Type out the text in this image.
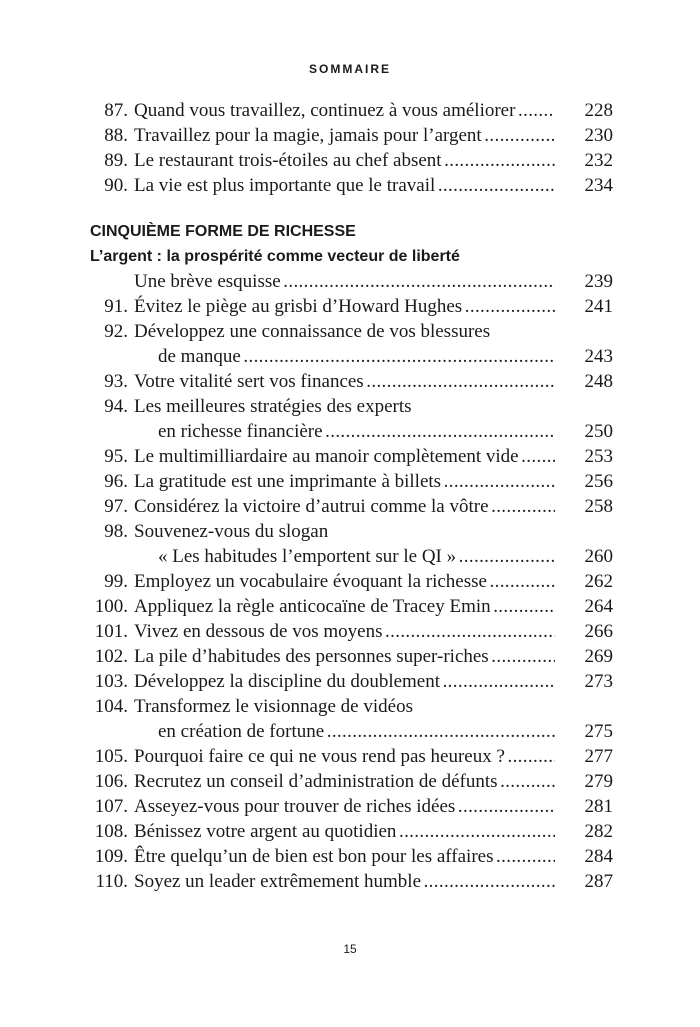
SOMMAIRE
87. Quand vous travaillez, continuez à vous améliorer . . .	228
88. Travaillez pour la magie, jamais pour l’argent . . .	230
89. Le restaurant trois-étoiles au chef absent . . .	232
90. La vie est plus importante que le travail . . .	234
CINQUIÈME FORME DE RICHESSE
L’argent : la prospérité comme vecteur de liberté
Une brève esquisse . . .	239
91. Évitez le piège au grisbi d’Howard Hughes . . .	241
92. Développez une connaissance de vos blessures
de manque . . .	243
93. Votre vitalité sert vos finances . . .	248
94. Les meilleures stratégies des experts
en richesse financière . . .	250
95. Le multimilliardaire au manoir complètement vide . . .	253
96. La gratitude est une imprimante à billets . . .	256
97. Considérez la victoire d’autrui comme la vôtre . . .	258
98. Souvenez-vous du slogan
« Les habitudes l’emportent sur le QI » . . .	260
99. Employez un vocabulaire évoquant la richesse . . .	262
100. Appliquez la règle anticocaïne de Tracey Emin . . .	264
101. Vivez en dessous de vos moyens . . .	266
102. La pile d’habitudes des personnes super-riches . . .	269
103. Développez la discipline du doublement . . .	273
104. Transformez le visionnage de vidéos
en création de fortune . . .	275
105. Pourquoi faire ce qui ne vous rend pas heureux ? . . .	277
106. Recrutez un conseil d’administration de défunts . . .	279
107. Asseyez-vous pour trouver de riches idées . . .	281
108. Bénissez votre argent au quotidien . . .	282
109. Être quelqu’un de bien est bon pour les affaires . . .	284
110. Soyez un leader extrêmement humble . . .	287
15
